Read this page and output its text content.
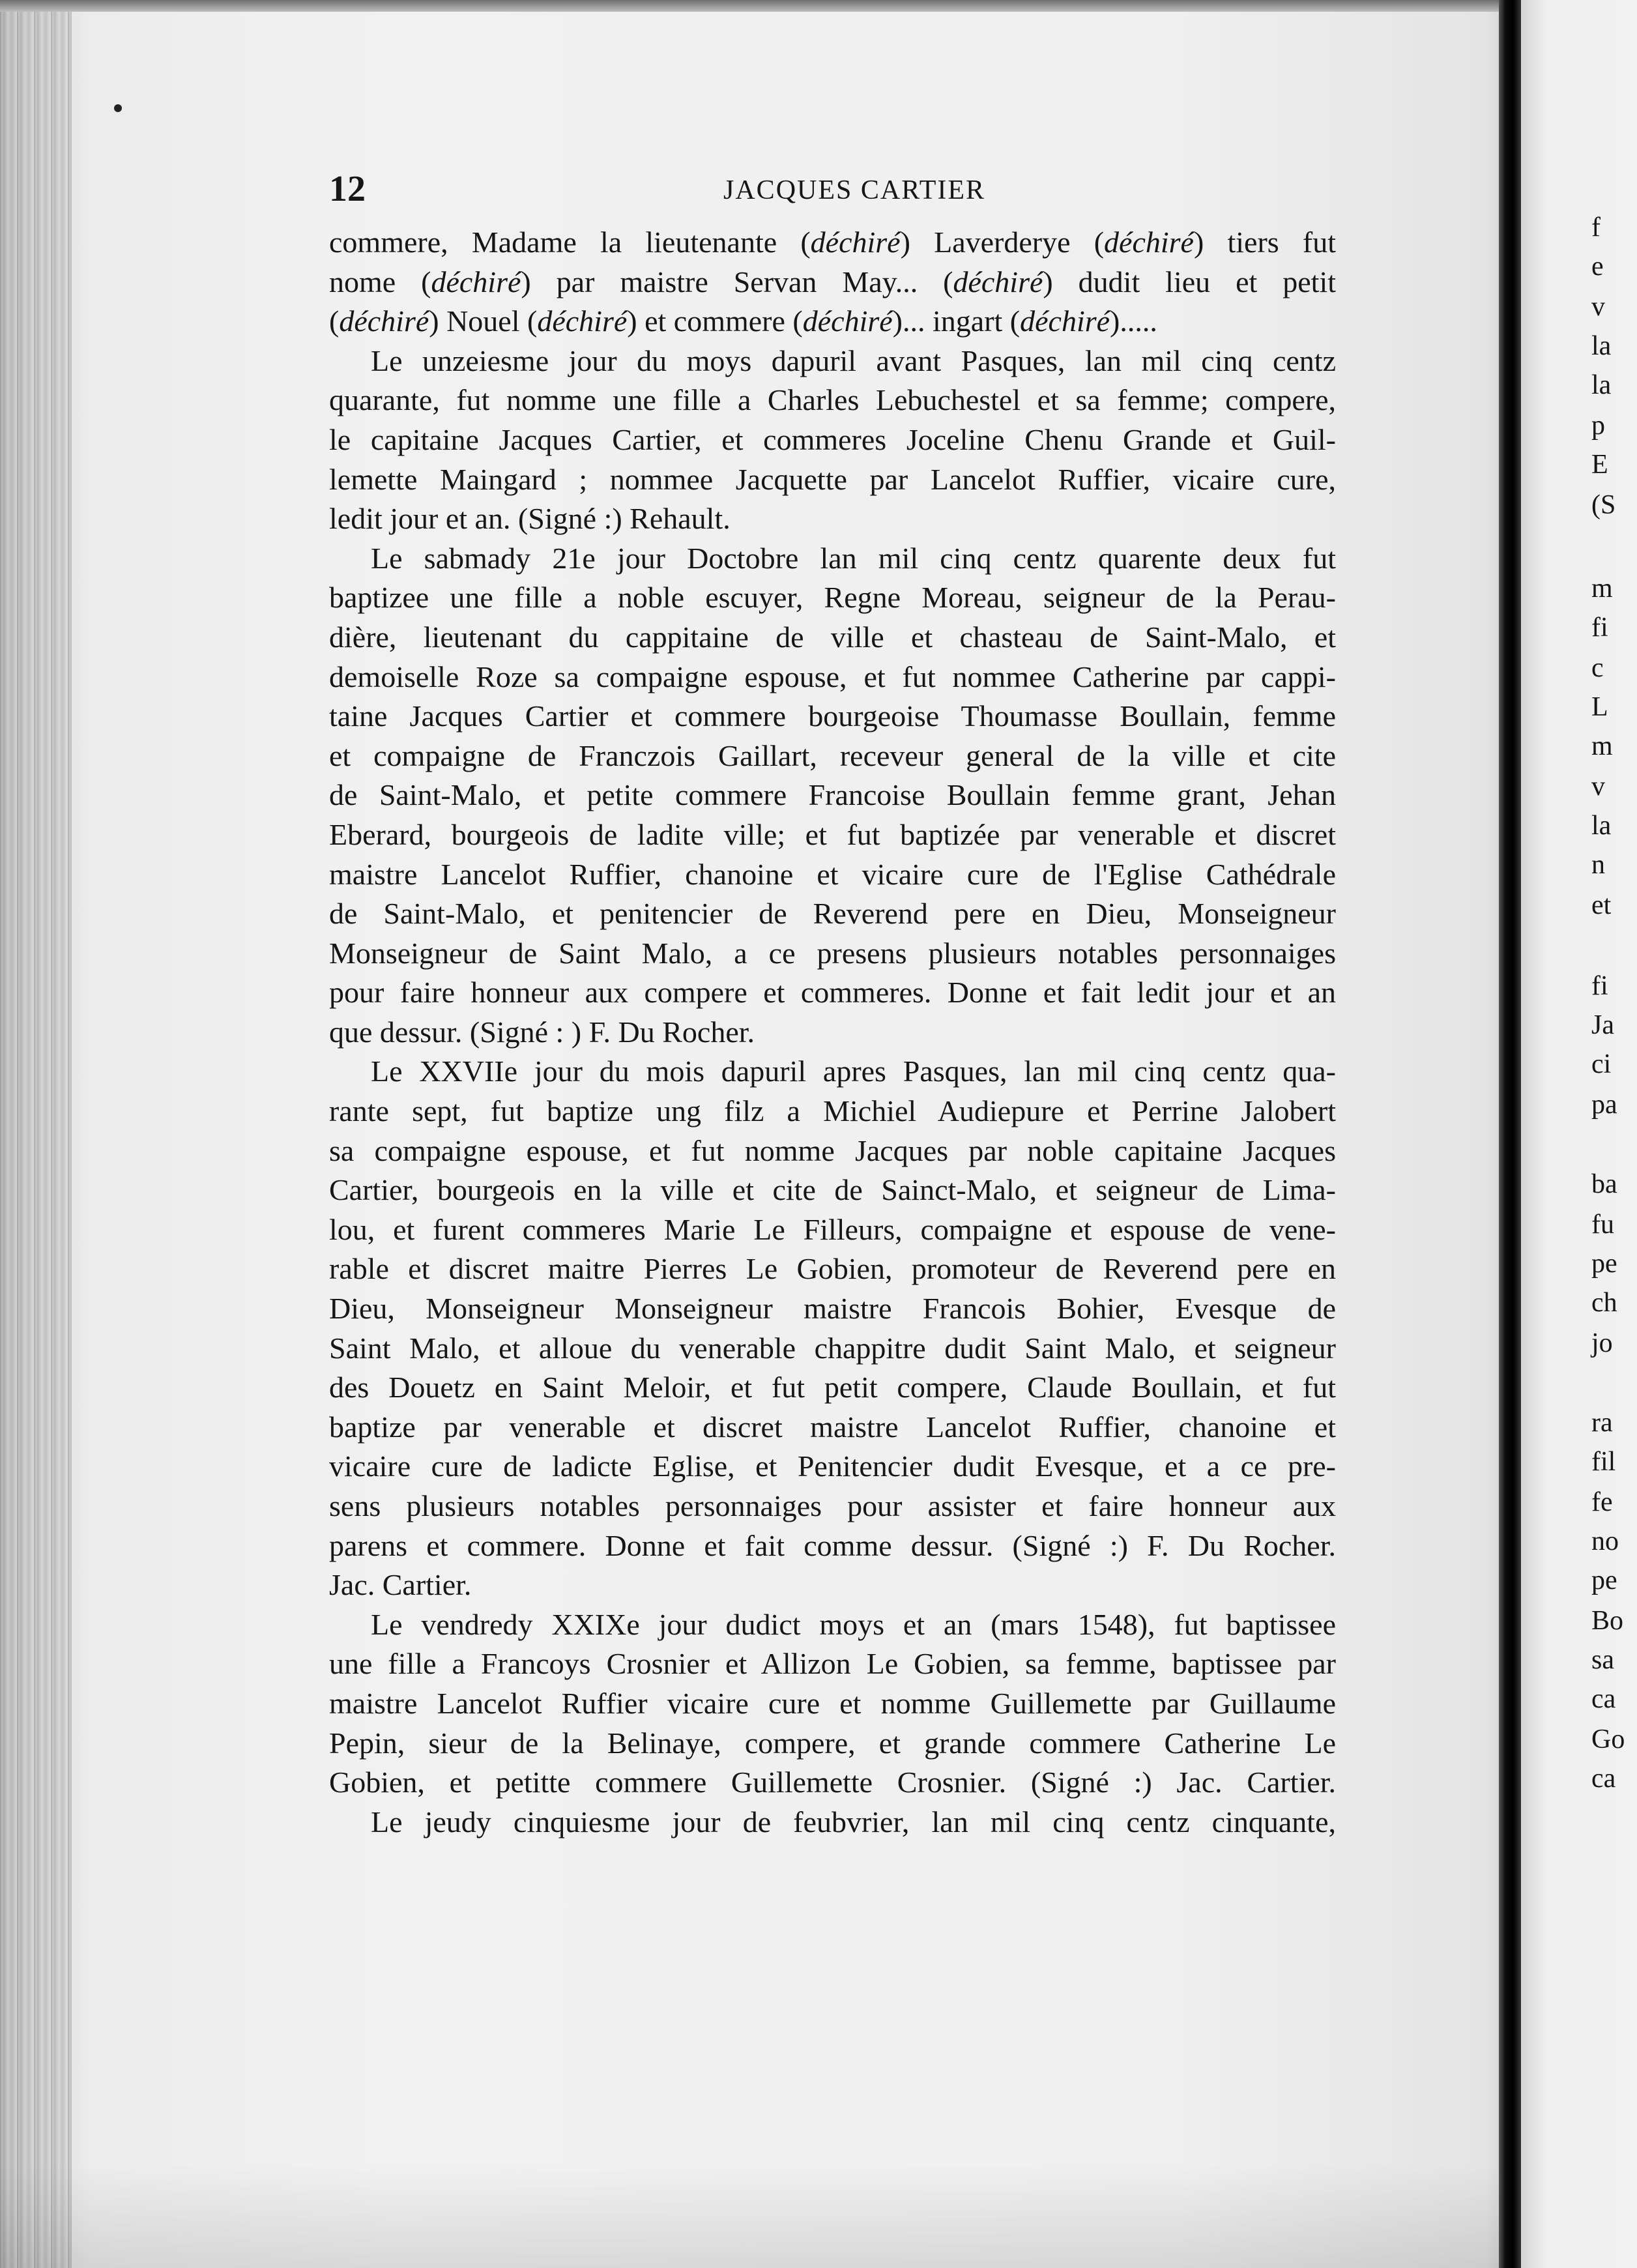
12	JACQUES CARTIER
commere, Madame la lieutenante (déchiré) Laverderye (déchiré) tiers fut
nome (déchiré) par maistre Servan May... (déchiré) dudit lieu et petit
(déchiré) Nouel (déchiré) et commere (déchiré)... ingart (déchiré).....
Le unzeiesme jour du moys dapuril avant Pasques, lan mil cinq centz
quarante, fut nomme une fille a Charles Lebuchestel et sa femme; compere,
le capitaine Jacques Cartier, et commeres Joceline Chenu Grande et Guil-
lemette Maingard ; nommee Jacquette par Lancelot Ruffier, vicaire cure,
ledit jour et an. (Signé :) Rehault.
Le sabmady 21e jour Doctobre lan mil cinq centz quarente deux fut
baptizee une fille a noble escuyer, Regne Moreau, seigneur de la Perau-
dière, lieutenant du cappitaine de ville et chasteau de Saint-Malo, et
demoiselle Roze sa compaigne espouse, et fut nommee Catherine par cappi-
taine Jacques Cartier et commere bourgeoise Thoumasse Boullain, femme
et compaigne de Franczois Gaillart, receveur general de la ville et cite
de Saint-Malo, et petite commere Francoise Boullain femme grant, Jehan
Eberard, bourgeois de ladite ville; et fut baptizée par venerable et discret
maistre Lancelot Ruffier, chanoine et vicaire cure de l'Eglise Cathédrale
de Saint-Malo, et penitencier de Reverend pere en Dieu, Monseigneur
Monseigneur de Saint Malo, a ce presens plusieurs notables personnaiges
pour faire honneur aux compere et commeres. Donne et fait ledit jour et an
que dessur. (Signé : ) F. Du Rocher.
Le XXVIIe jour du mois dapuril apres Pasques, lan mil cinq centz qua-
rante sept, fut baptize ung filz a Michiel Audiepure et Perrine Jalobert
sa compaigne espouse, et fut nomme Jacques par noble capitaine Jacques
Cartier, bourgeois en la ville et cite de Sainct-Malo, et seigneur de Lima-
lou, et furent commeres Marie Le Filleurs, compaigne et espouse de vene-
rable et discret maitre Pierres Le Gobien, promoteur de Reverend pere en
Dieu, Monseigneur Monseigneur maistre Francois Bohier, Evesque de
Saint Malo, et alloue du venerable chappitre dudit Saint Malo, et seigneur
des Douetz en Saint Meloir, et fut petit compere, Claude Boullain, et fut
baptize par venerable et discret maistre Lancelot Ruffier, chanoine et
vicaire cure de ladicte Eglise, et Penitencier dudit Evesque, et a ce pre-
sens plusieurs notables personnaiges pour assister et faire honneur aux
parens et commere. Donne et fait comme dessur. (Signé :) F. Du Rocher.
Jac. Cartier.
Le vendredy XXIXe jour dudict moys et an (mars 1548), fut baptissee
une fille a Francoys Crosnier et Allizon Le Gobien, sa femme, baptissee par
maistre Lancelot Ruffier vicaire cure et nomme Guillemette par Guillaume
Pepin, sieur de la Belinaye, compere, et grande commere Catherine Le
Gobien, et petitte commere Guillemette Crosnier. (Signé :) Jac. Cartier.
Le jeudy cinquiesme jour de feubvrier, lan mil cinq centz cinquante,
f
e
v
la
la
p
E
(S
m
fi
c
L
m
v
la
n
et
fi
Ja
ci
pa
ba
fu
pe
ch
jo
ra
fil
fe
no
pe
Bo
sa
ca
Go
ca
